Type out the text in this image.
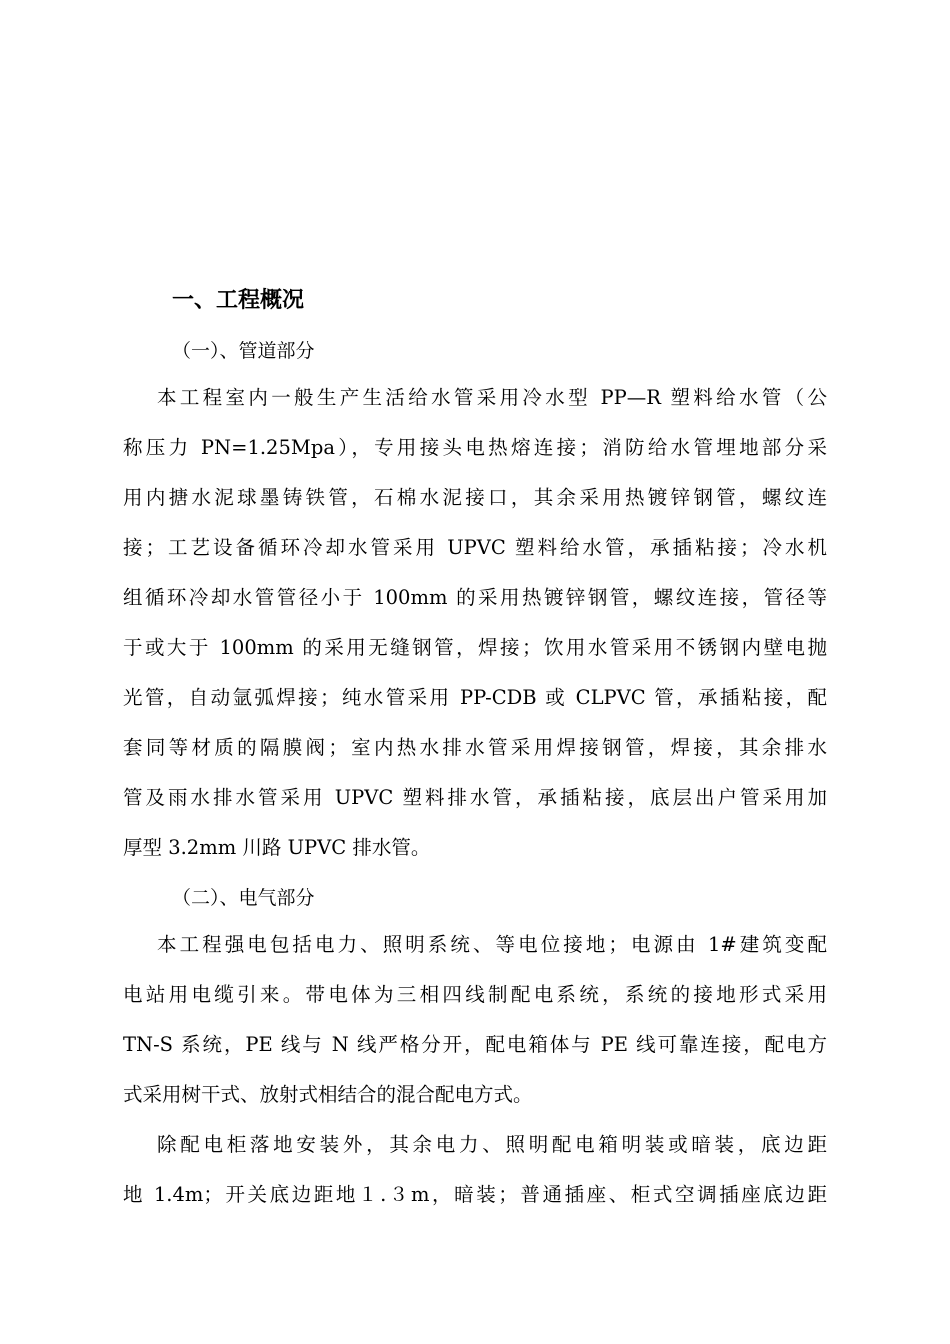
一、工程概况
（一）、管道部分
本工程室内一般生产生活给水管采用冷水型 PP—R 塑料给水管（公
称压力 PN=1.25Mpa），专用接头电热熔连接；消防给水管埋地部分采
用内搪水泥球墨铸铁管，石棉水泥接口，其余采用热镀锌钢管，螺纹连
接；工艺设备循环冷却水管采用 UPVC 塑料给水管，承插粘接；冷水机
组循环冷却水管管径小于 100mm 的采用热镀锌钢管，螺纹连接，管径等
于或大于 100mm 的采用无缝钢管，焊接；饮用水管采用不锈钢内壁电抛
光管，自动氩弧焊接；纯水管采用 PP-CDB 或 CLPVC 管，承插粘接，配
套同等材质的隔膜阀；室内热水排水管采用焊接钢管，焊接，其余排水
管及雨水排水管采用 UPVC 塑料排水管，承插粘接，底层出户管采用加
厚型 3.2mm 川路 UPVC 排水管。
（二）、电气部分
本工程强电包括电力、照明系统、等电位接地；电源由 1#建筑变配
电站用电缆引来。带电体为三相四线制配电系统，系统的接地形式采用
TN-S 系统，PE 线与 N 线严格分开，配电箱体与 PE 线可靠连接，配电方
式采用树干式、放射式相结合的混合配电方式。
除配电柜落地安装外，其余电力、照明配电箱明装或暗装，底边距
地 1.4m；开关底边距地１.３m，暗装；普通插座、柜式空调插座底边距
